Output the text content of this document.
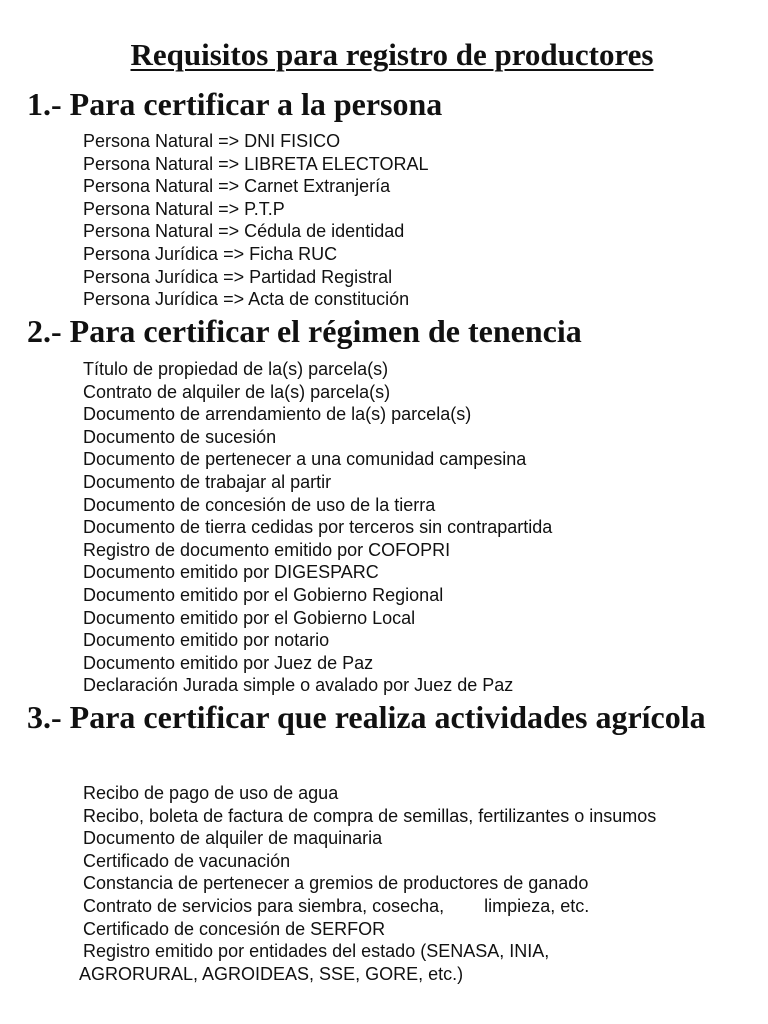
Requisitos para registro de productores
1.- Para certificar a la persona
Persona Natural => DNI FISICO
Persona Natural => LIBRETA ELECTORAL
Persona Natural => Carnet Extranjería
Persona Natural => P.T.P
Persona Natural => Cédula de identidad
Persona Jurídica => Ficha RUC
Persona Jurídica => Partidad Registral
Persona Jurídica => Acta de constitución
2.- Para certificar el régimen de tenencia
Título de propiedad de la(s) parcela(s)
Contrato de alquiler de la(s) parcela(s)
Documento de arrendamiento de la(s) parcela(s)
Documento de sucesión
Documento de pertenecer a una comunidad campesina
Documento de trabajar al partir
Documento de concesión de uso de la tierra
Documento de tierra cedidas por terceros sin contrapartida
Registro de documento emitido por COFOPRI
Documento emitido por DIGESPARC
Documento emitido por el Gobierno Regional
Documento emitido por el Gobierno Local
Documento emitido por notario
Documento emitido por Juez de Paz
Declaración Jurada simple o avalado por Juez de Paz
3.- Para certificar que realiza actividades agrícola
Recibo de pago de uso de agua
Recibo, boleta de factura de compra de semillas, fertilizantes o insumos
Documento de alquiler de maquinaria
Certificado de vacunación
Constancia de pertenecer a gremios de productores de ganado
Contrato de servicios para siembra, cosecha,        limpieza, etc.
Certificado de concesión de SERFOR
Registro emitido por entidades del estado (SENASA, INIA,
AGRORURAL, AGROIDEAS, SSE, GORE, etc.)
